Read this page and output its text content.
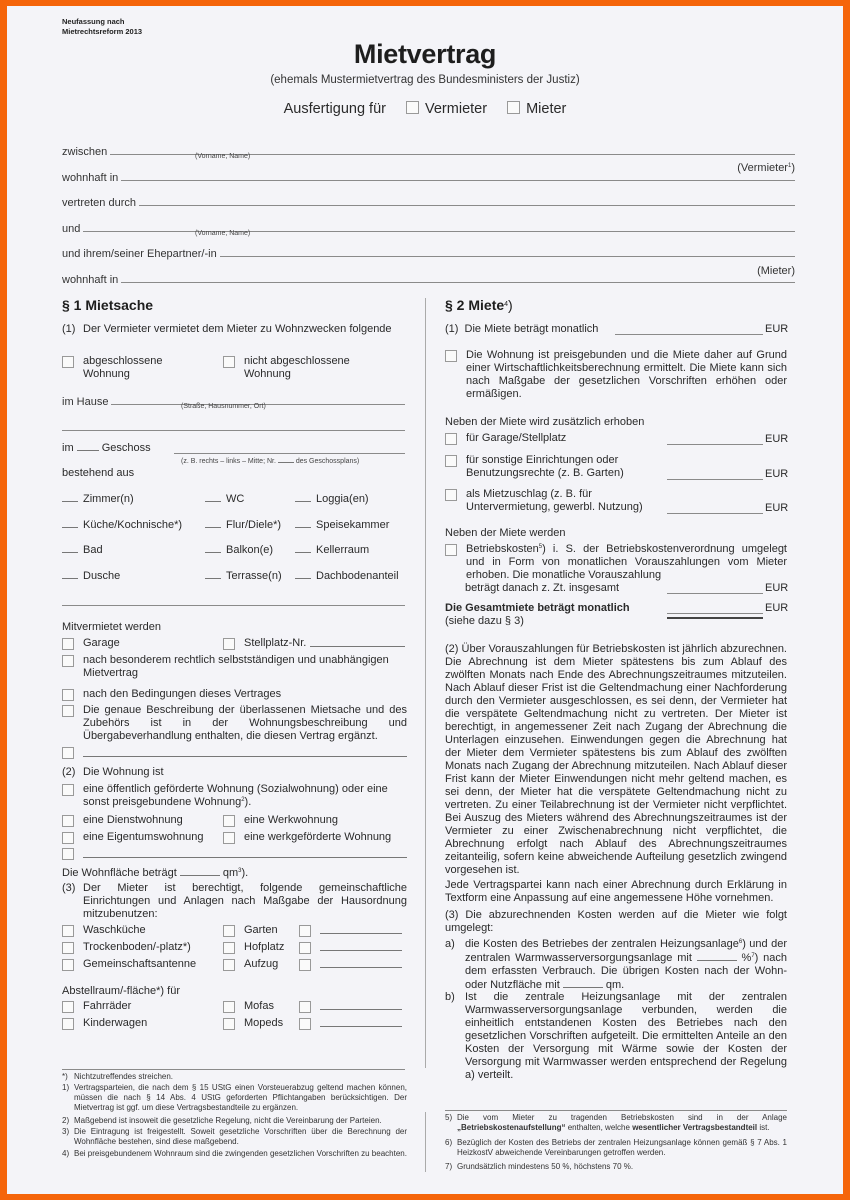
Neufassung nach
Mietrechtsreform 2013
Mietvertrag
(ehemals Mustermietvertrag des Bundesministers der Justiz)
Ausfertigung für	Vermieter	Mieter
zwischen	(Vorname, Name)
wohnhaft in
(Vermieter$^1$)
vertreten durch
und	(Vorname, Name)
und ihrem/seiner Ehepartner/-in
wohnhaft in
(Mieter)
§ 1 Mietsache
(1) Der Vermieter vermietet dem Mieter zu Wohnzwecken folgende
abgeschlossene Wohnung
nicht abgeschlossene Wohnung
im Hause	(Straße, Hausnummer, Ort)
im	Geschoss
(z. B. rechts – links – Mitte; Nr.	des Geschossplans)
bestehend aus
Zimmer(n)	WC	Loggia(en)
Küche/Kochnische*)	Flur/Diele*)	Speisekammer
Bad	Balkon(e)	Kellerraum
Dusche	Terrasse(n)	Dachbodenanteil
Mitvermietet werden
Garage	Stellplatz-Nr.
nach besonderem rechtlich selbstständigen und unabhängigen Mietvertrag
nach den Bedingungen dieses Vertrages
Die genaue Beschreibung der überlassenen Mietsache und des Zubehörs ist in der Wohnungsbeschreibung und Übergabeverhandlung enthalten, die diesen Vertrag ergänzt.
(2) Die Wohnung ist
eine öffentlich geförderte Wohnung (Sozialwohnung) oder eine sonst preisgebundene Wohnung$^2$).
eine Dienstwohnung	eine Werkwohnung
eine Eigentumswohnung	eine werkgeförderte Wohnung
Die Wohnfläche beträgt	$qm^3$).
(3) Der Mieter ist berechtigt, folgende gemeinschaftliche Einrichtungen und Anlagen nach Maßgabe der Hausordnung mitzubenutzen:
Waschküche	Garten
Trockenboden/-platz*)	Hofplatz
Gemeinschaftsantenne	Aufzug
Abstellraum/-fläche*) für
Fahrräder	Mofas
Kinderwagen	Mopeds
*) Nichtzutreffendes streichen.
1) Vertragsparteien, die nach dem § 15 UStG einen Vorsteuerabzug geltend machen können, müssen die nach § 14 Abs. 4 UStG geforderten Pflichtangaben berücksichtigen. Der Mietvertrag ist ggf. um diese Vertragsbestandteile zu ergänzen.
2) Maßgebend ist insoweit die gesetzliche Regelung, nicht die Vereinbarung der Parteien.
3) Die Eintragung ist freigestellt. Soweit gesetzliche Vorschriften über die Berechnung der Wohnfläche bestehen, sind diese maßgebend.
4) Bei preisgebundenem Wohnraum sind die zwingenden gesetzlichen Vorschriften zu beachten.
§ 2 Miete$^4$)
(1) Die Miete beträgt monatlich	EUR
Die Wohnung ist preisgebunden und die Miete daher auf Grund einer Wirtschaftlichkeitsberechnung ermittelt. Die Miete kann sich nach Maßgabe der gesetzlichen Vorschriften erhöhen oder ermäßigen.
Neben der Miete wird zusätzlich erhoben
für Garage/Stellplatz	EUR
für sonstige Einrichtungen oder Benutzungsrechte (z. B. Garten)	EUR
als Mietzuschlag (z. B. für Untervermietung, gewerbl. Nutzung)	EUR
Neben der Miete werden
Betriebskosten$^5$) i. S. der Betriebskostenverordnung umgelegt und in Form von monatlichen Vorauszahlungen vom Mieter erhoben. Die monatliche Vorauszahlung
beträgt danach z. Zt. insgesamt	EUR
Die Gesamtmiete beträgt monatlich	EUR
(siehe dazu § 3)
(2) Über Vorauszahlungen für Betriebskosten ist jährlich abzurechnen. Die Abrechnung ist dem Mieter spätestens bis zum Ablauf des zwölften Monats nach Ende des Abrechnungszeitraumes mitzuteilen. Nach Ablauf dieser Frist ist die Geltendmachung einer Nachforderung durch den Vermieter ausgeschlossen, es sei denn, der Vermieter hat die verspätete Geltendmachung nicht zu vertreten. Der Mieter ist berechtigt, in angemessener Zeit nach Zugang der Abrechnung die Unterlagen einzusehen. Einwendungen gegen die Abrechnung hat der Mieter dem Vermieter spätestens bis zum Ablauf des zwölften Monats nach Zugang der Abrechnung mitzuteilen. Nach Ablauf dieser Frist kann der Mieter Einwendungen nicht mehr geltend machen, es sei denn, der Mieter hat die verspätete Geltendmachung nicht zu vertreten. Zu einer Teilabrechnung ist der Vermieter nicht verpflichtet. Bei Auszug des Mieters während des Abrechnungszeitraumes ist der Vermieter zu einer Zwischenabrechnung nicht verpflichtet, die Abrechnung erfolgt nach Ablauf des Abrechnungszeitraumes zeitanteilig, sofern keine abweichende Aufteilung gesetzlich zwingend vorgesehen ist.
Jede Vertragspartei kann nach einer Abrechnung durch Erklärung in Textform eine Anpassung auf eine angemessene Höhe vornehmen.
(3) Die abzurechnenden Kosten werden auf die Mieter wie folgt umgelegt:
a) die Kosten des Betriebes der zentralen Heizungsanlage$^6$) und der zentralen Warmwasserversorgungsanlage mit	%$^7$) nach dem erfassten Verbrauch. Die übrigen Kosten nach der Wohn- oder Nutzfläche mit	qm.
b) Ist die zentrale Heizungsanlage mit der zentralen Warmwasserversorgungsanlage verbunden, werden die einheitlich entstandenen Kosten des Betriebes nach den gesetzlichen Vorschriften aufgeteilt. Die ermittelten Anteile an den Kosten der Versorgung mit Wärme sowie der Kosten der Versorgung mit Warmwasser werden entsprechend der Regelung a) verteilt.
5) Die vom Mieter zu tragenden Betriebskosten sind in der Anlage „Betriebskostenaufstellung“ enthalten, welche wesentlicher Vertragsbestandteil ist.
6) Bezüglich der Kosten des Betriebs der zentralen Heizungsanlage können gemäß § 7 Abs. 1 HeizkostV abweichende Vereinbarungen getroffen werden.
7) Grundsätzlich mindestens 50 %, höchstens 70 %.
